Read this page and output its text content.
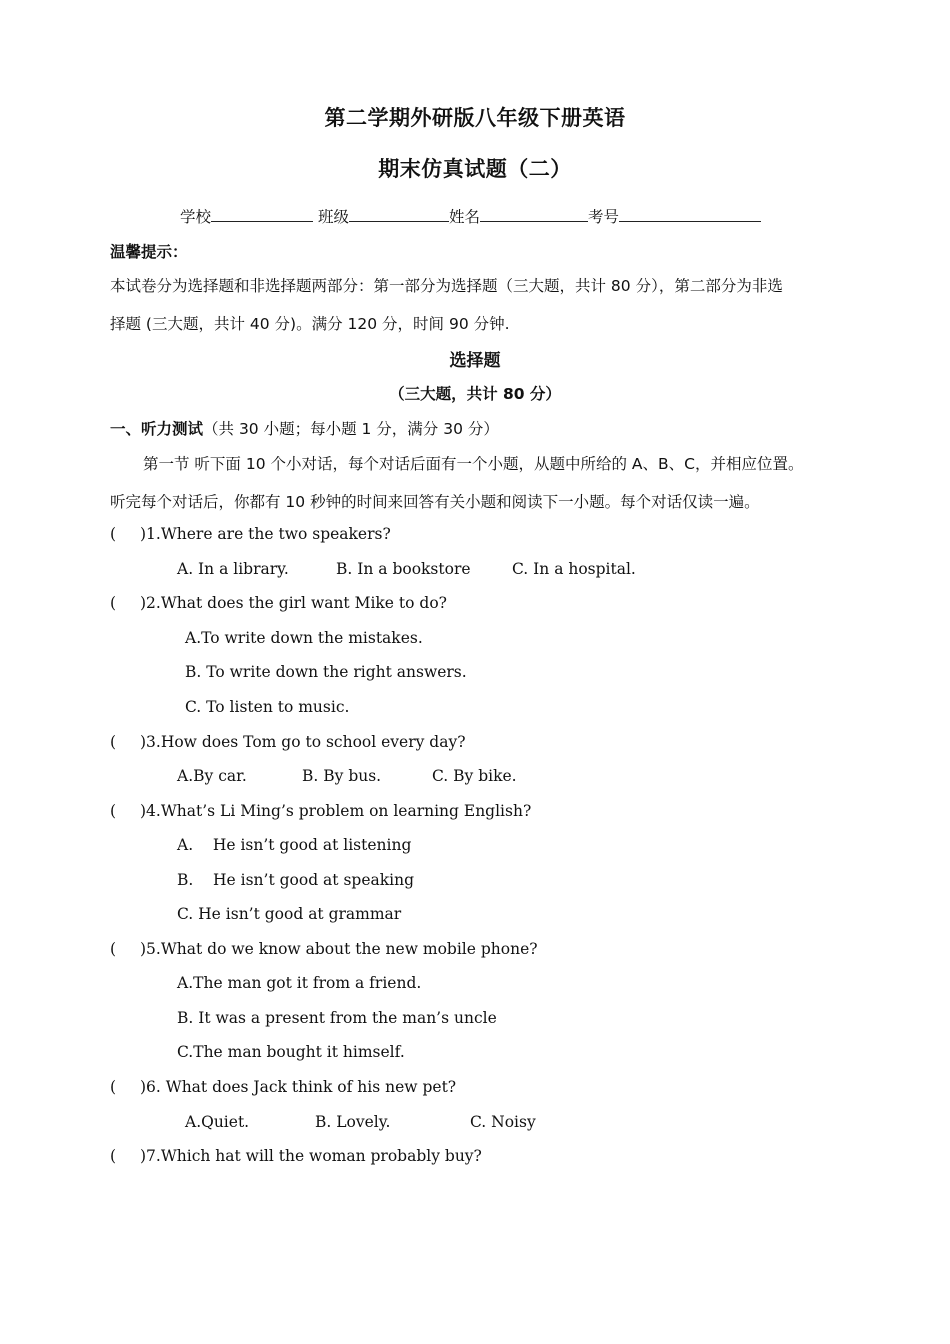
第二学期外研版八年级下册英语
期末仿真试题（二）
学校	班级	姓名	考号
温馨提示：
本试卷分为选择题和非选择题两部分：第一部分为选择题（三大题，共计 80 分），第二部分为非选
择题 (三大题，共计 40 分)。满分 120 分，时间 90 分钟.
选择题
（三大题，共计 80 分）
一、听力测试（共 30 小题；每小题 1 分，满分 30 分）
第一节 听下面 10 个小对话，每个对话后面有一个小题，从题中所给的 A、B、C，并相应位置。
听完每个对话后，你都有 10 秒钟的时间来回答有关小题和阅读下一小题。每个对话仅读一遍。
( )1.Where are the two speakers?
A. In a library.	B. In a bookstore	C. In a hospital.
( )2.What does the girl want Mike to do?
A.To write down the mistakes.
B. To write down the right answers.
C. To listen to music.
( )3.How does Tom go to school every day?
A.By car.	B. By bus.	C. By bike.
( )4.What’s Li Ming’s problem on learning English?
A.    He isn’t good at listening
B.    He isn’t good at speaking
C. He isn’t good at grammar
( )5.What do we know about the new mobile phone?
A.The man got it from a friend.
B. It was a present from the man’s uncle
C.The man bought it himself.
( )6. What does Jack think of his new pet?
A.Quiet.	B. Lovely.	C. Noisy
( )7.Which hat will the woman probably buy?
